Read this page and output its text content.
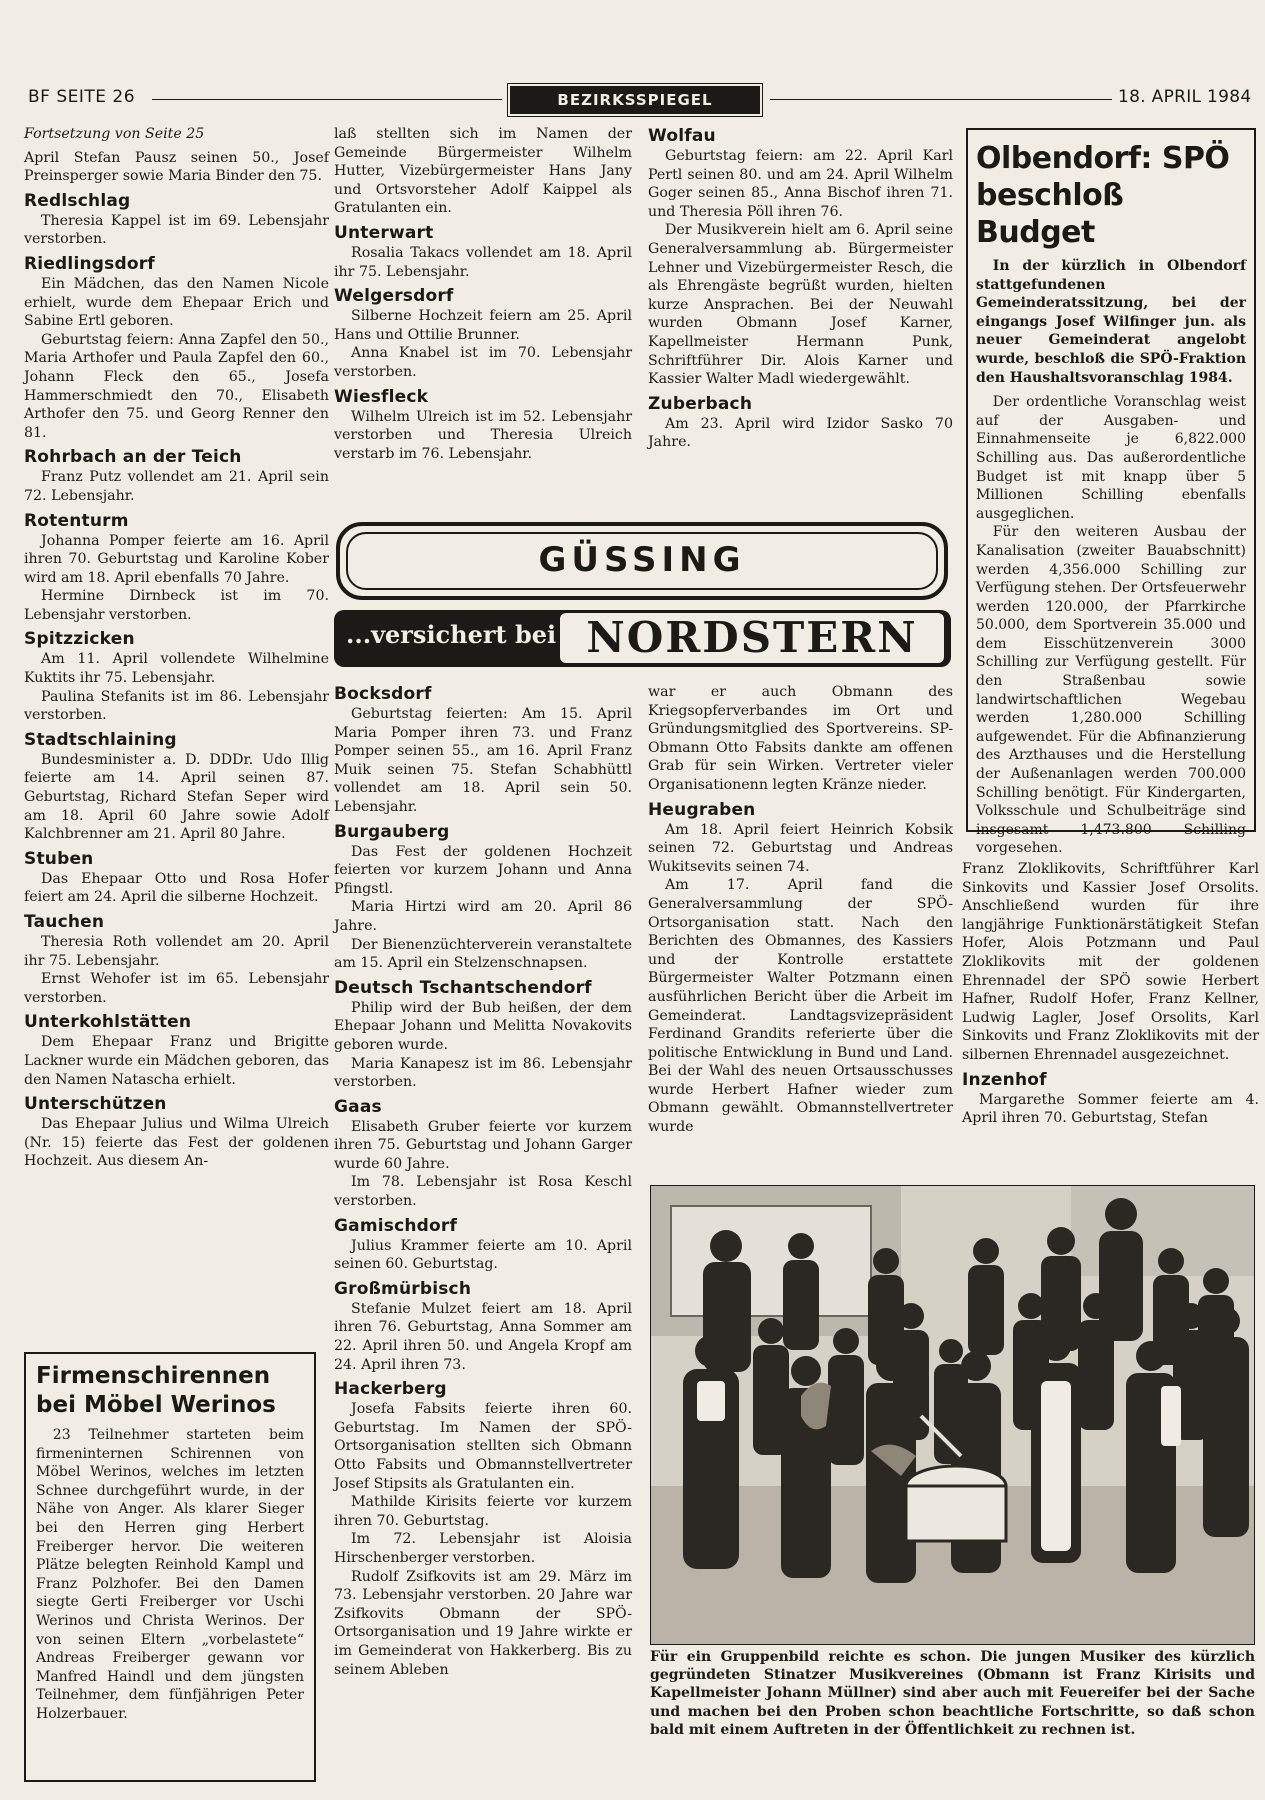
BF SEITE 26	BEZIRKSSPIEGEL	18. APRIL 1984

Fortsetzung von Seite 25

April Stefan Pausz seinen 50., Josef Preinsperger sowie Maria Binder den 75.

Redlschlag

Theresia Kappel ist im 69. Lebensjahr verstorben.

Riedlingsdorf

Ein Mädchen, das den Namen Nicole erhielt, wurde dem Ehepaar Erich und Sabine Ertl geboren.

Geburtstag feiern: Anna Zapfel den 50., Maria Arthofer und Paula Zapfel den 60., Johann Fleck den 65., Josefa Hammerschmiedt den 70., Elisabeth Arthofer den 75. und Georg Renner den 81.

Rohrbach an der Teich

Franz Putz vollendet am 21. April sein 72. Lebensjahr.

Rotenturm

Johanna Pomper feierte am 16. April ihren 70. Geburtstag und Karoline Kober wird am 18. April ebenfalls 70 Jahre.

Hermine Dirnbeck ist im 70. Lebensjahr verstorben.

Spitzzicken

Am 11. April vollendete Wilhelmine Kuktits ihr 75. Lebensjahr.

Paulina Stefanits ist im 86. Lebensjahr verstorben.

Stadtschlaining

Bundesminister a. D. DDDr. Udo Illig feierte am 14. April seinen 87. Geburtstag, Richard Stefan Seper wird am 18. April 60 Jahre sowie Adolf Kalchbrenner am 21. April 80 Jahre.

Stuben

Das Ehepaar Otto und Rosa Hofer feiert am 24. April die silberne Hochzeit.

Tauchen

Theresia Roth vollendet am 20. April ihr 75. Lebensjahr.

Ernst Wehofer ist im 65. Lebensjahr verstorben.

Unterkohlstätten

Dem Ehepaar Franz und Brigitte Lackner wurde ein Mädchen geboren, das den Namen Natascha erhielt.

Unterschützen

Das Ehepaar Julius und Wilma Ulreich (Nr. 15) feierte das Fest der goldenen Hochzeit. Aus diesem An-

laß stellten sich im Namen der Gemeinde Bürgermeister Wilhelm Hutter, Vizebürgermeister Hans Jany und Ortsvorsteher Adolf Kaippel als Gratulanten ein.

Unterwart

Rosalia Takacs vollendet am 18. April ihr 75. Lebensjahr.

Welgersdorf

Silberne Hochzeit feiern am 25. April Hans und Ottilie Brunner.

Anna Knabel ist im 70. Lebensjahr verstorben.

Wiesfleck

Wilhelm Ulreich ist im 52. Lebensjahr verstorben und Theresia Ulreich verstarb im 76. Lebensjahr.

Wolfau

Geburtstag feiern: am 22. April Karl Pertl seinen 80. und am 24. April Wilhelm Goger seinen 85., Anna Bischof ihren 71. und Theresia Pöll ihren 76.

Der Musikverein hielt am 6. April seine Generalversammlung ab. Bürgermeister Lehner und Vizebürgermeister Resch, die als Ehrengäste begrüßt wurden, hielten kurze Ansprachen. Bei der Neuwahl wurden Obmann Josef Karner, Kapellmeister Hermann Punk, Schriftführer Dir. Alois Karner und Kassier Walter Madl wiedergewählt.

Zuberbach

Am 23. April wird Izidor Sasko 70 Jahre.

Olbendorf: SPÖ beschloß Budget

In der kürzlich in Olbendorf stattgefundenen Gemeinderatssitzung, bei der eingangs Josef Wilfinger jun. als neuer Gemeinderat angelobt wurde, beschloß die SPÖ-Fraktion den Haushaltsvoranschlag 1984.

Der ordentliche Voranschlag weist auf der Ausgaben- und Einnahmenseite je 6,822.000 Schilling aus. Das außerordentliche Budget ist mit knapp über 5 Millionen Schilling ebenfalls ausgeglichen.

Für den weiteren Ausbau der Kanalisation (zweiter Bauabschnitt) werden 4,356.000 Schilling zur Verfügung stehen. Der Ortsfeuerwehr werden 120.000, der Pfarrkirche 50.000, dem Sportverein 35.000 und dem Eisschützenverein 3000 Schilling zur Verfügung gestellt. Für den Straßenbau sowie landwirtschaftlichen Wegebau werden 1,280.000 Schilling aufgewendet. Für die Abfinanzierung des Arzthauses und die Herstellung der Außenanlagen werden 700.000 Schilling benötigt. Für Kindergarten, Volksschule und Schulbeiträge sind insgesamt 1,473.800 Schilling vorgesehen.

GÜSSING
...versichert bei NORDSTERN
Bocksdorf

Geburtstag feierten: Am 15. April Maria Pomper ihren 73. und Franz Pomper seinen 55., am 16. April Franz Muik seinen 75. Stefan Schabhüttl vollendet am 18. April sein 50. Lebensjahr.

Burgauberg

Das Fest der goldenen Hochzeit feierten vor kurzem Johann und Anna Pfingstl.

Maria Hirtzi wird am 20. April 86 Jahre.

Der Bienenzüchterverein veranstaltete am 15. April ein Stelzenschnapsen.

Deutsch Tschantschendorf

Philip wird der Bub heißen, der dem Ehepaar Johann und Melitta Novakovits geboren wurde.

Maria Kanapesz ist im 86. Lebensjahr verstorben.

Gaas

Elisabeth Gruber feierte vor kurzem ihren 75. Geburtstag und Johann Garger wurde 60 Jahre.

Im 78. Lebensjahr ist Rosa Keschl verstorben.

Gamischdorf

Julius Krammer feierte am 10. April seinen 60. Geburtstag.

Großmürbisch

Stefanie Mulzet feiert am 18. April ihren 76. Geburtstag, Anna Sommer am 22. April ihren 50. und Angela Kropf am 24. April ihren 73.

Hackerberg

Josefa Fabsits feierte ihren 60. Geburtstag. Im Namen der SPÖ-Ortsorganisation stellten sich Obmann Otto Fabsits und Obmannstellvertreter Josef Stipsits als Gratulanten ein.

Mathilde Kirisits feierte vor kurzem ihren 70. Geburtstag.

Im 72. Lebensjahr ist Aloisia Hirschenberger verstorben.

Rudolf Zsifkovits ist am 29. März im 73. Lebensjahr verstorben. 20 Jahre war Zsifkovits Obmann der SPÖ-Ortsorganisation und 19 Jahre wirkte er im Gemeinderat von Hakkerberg. Bis zu seinem Ableben

war er auch Obmann des Kriegsopferverbandes im Ort und Gründungsmitglied des Sportvereins. SP-Obmann Otto Fabsits dankte am offenen Grab für sein Wirken. Vertreter vieler Organisationenn legten Kränze nieder.

Heugraben

Am 18. April feiert Heinrich Kobsik seinen 72. Geburtstag und Andreas Wukitsevits seinen 74.

Am 17. April fand die Generalversammlung der SPÖ-Ortsorganisation statt. Nach den Berichten des Obmannes, des Kassiers und der Kontrolle erstattete Bürgermeister Walter Potzmann einen ausführlichen Bericht über die Arbeit im Gemeinderat. Landtagsvizepräsident Ferdinand Grandits referierte über die politische Entwicklung in Bund und Land. Bei der Wahl des neuen Ortsausschusses wurde Herbert Hafner wieder zum Obmann gewählt. Obmannstellvertreter wurde

Franz Zloklikovits, Schriftführer Karl Sinkovits und Kassier Josef Orsolits. Anschließend wurden für ihre langjährige Funktionärstätigkeit Stefan Hofer, Alois Potzmann und Paul Zloklikovits mit der goldenen Ehrennadel der SPÖ sowie Herbert Hafner, Rudolf Hofer, Franz Kellner, Ludwig Lagler, Josef Orsolits, Karl Sinkovits und Franz Zloklikovits mit der silbernen Ehrennadel ausgezeichnet.

Inzenhof

Margarethe Sommer feierte am 4. April ihren 70. Geburtstag, Stefan

Firmenschirennen bei Möbel Werinos

23 Teilnehmer starteten beim firmeninternen Schirennen von Möbel Werinos, welches im letzten Schnee durchgeführt wurde, in der Nähe von Anger. Als klarer Sieger bei den Herren ging Herbert Freiberger hervor. Die weiteren Plätze belegten Reinhold Kampl und Franz Polzhofer. Bei den Damen siegte Gerti Freiberger vor Uschi Werinos und Christa Werinos. Der von seinen Eltern „vorbelastete“ Andreas Freiberger gewann vor Manfred Haindl und dem jüngsten Teilnehmer, dem fünfjährigen Peter Holzerbauer.

Für ein Gruppenbild reichte es schon. Die jungen Musiker des kürzlich gegründeten Stinatzer Musikvereines (Obmann ist Franz Kirisits und Kapellmeister Johann Müllner) sind aber auch mit Feuereifer bei der Sache und machen bei den Proben schon beachtliche Fortschritte, so daß schon bald mit einem Auftreten in der Öffentlichkeit zu rechnen ist.
